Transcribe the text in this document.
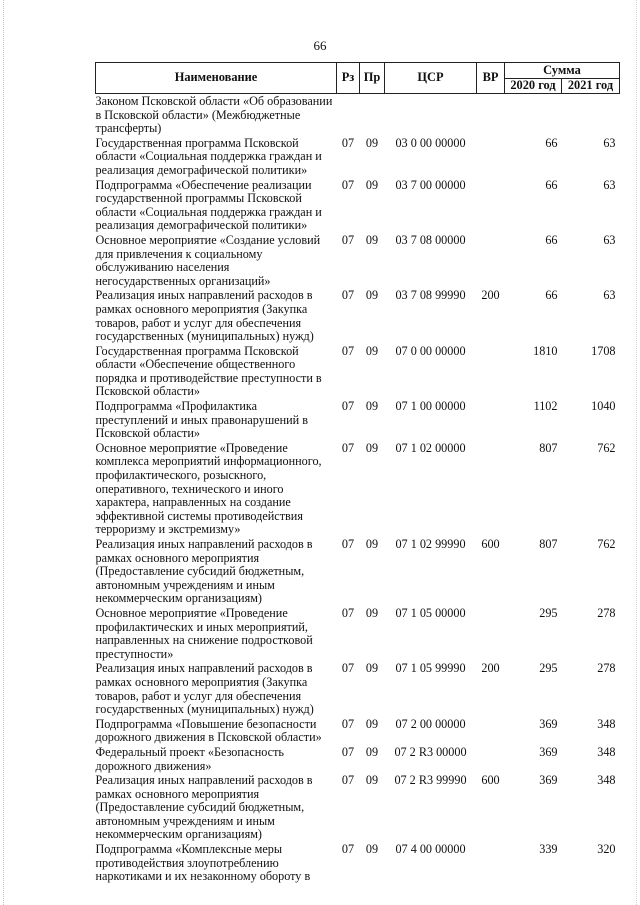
66
Наименование	Рз	Пр	ЦСР	ВР	Сумма	
					2020 год	2021 год
Законом Псковской области «Об образовании в Псковской области» (Межбюджетные трансферты)						
Государственная программа Псковской области «Социальная поддержка граждан и реализация демографической политики»	07	09	03 0 00 00000		66	63
Подпрограмма «Обеспечение реализации государственной программы Псковской области «Социальная поддержка граждан и реализация демографической политики»	07	09	03 7 00 00000		66	63
Основное мероприятие «Создание условий для привлечения к социальному обслуживанию населения негосударственных организаций»	07	09	03 7 08 00000		66	63
Реализация иных направлений расходов в рамках основного мероприятия (Закупка товаров, работ и услуг для обеспечения государственных (муниципальных) нужд)	07	09	03 7 08 99990	200	66	63
Государственная программа Псковской области «Обеспечение общественного порядка и противодействие преступности в Псковской области»	07	09	07 0 00 00000		1810	1708
Подпрограмма «Профилактика преступлений и иных правонарушений в Псковской области»	07	09	07 1 00 00000		1102	1040
Основное мероприятие «Проведение комплекса мероприятий информационного, профилактического, розыскного, оперативного, технического и иного характера, направленных на создание эффективной системы противодействия терроризму и экстремизму»	07	09	07 1 02 00000		807	762
Реализация иных направлений расходов в рамках основного мероприятия (Предоставление субсидий бюджетным, автономным учреждениям и иным некоммерческим организациям)	07	09	07 1 02 99990	600	807	762
Основное мероприятие «Проведение профилактических и иных мероприятий, направленных на снижение подростковой преступности»	07	09	07 1 05 00000		295	278
Реализация иных направлений расходов в рамках основного мероприятия (Закупка товаров, работ и услуг для обеспечения государственных (муниципальных) нужд)	07	09	07 1 05 99990	200	295	278
Подпрограмма «Повышение безопасности дорожного движения в Псковской области»	07	09	07 2 00 00000		369	348
Федеральный проект «Безопасность дорожного движения»	07	09	07 2 R3 00000		369	348
Реализация иных направлений расходов в рамках основного мероприятия (Предоставление субсидий бюджетным, автономным учреждениям и иным некоммерческим организациям)	07	09	07 2 R3 99990	600	369	348
Подпрограмма «Комплексные меры противодействия злоупотреблению наркотиками и их незаконному обороту в	07	09	07 4 00 00000		339	320
